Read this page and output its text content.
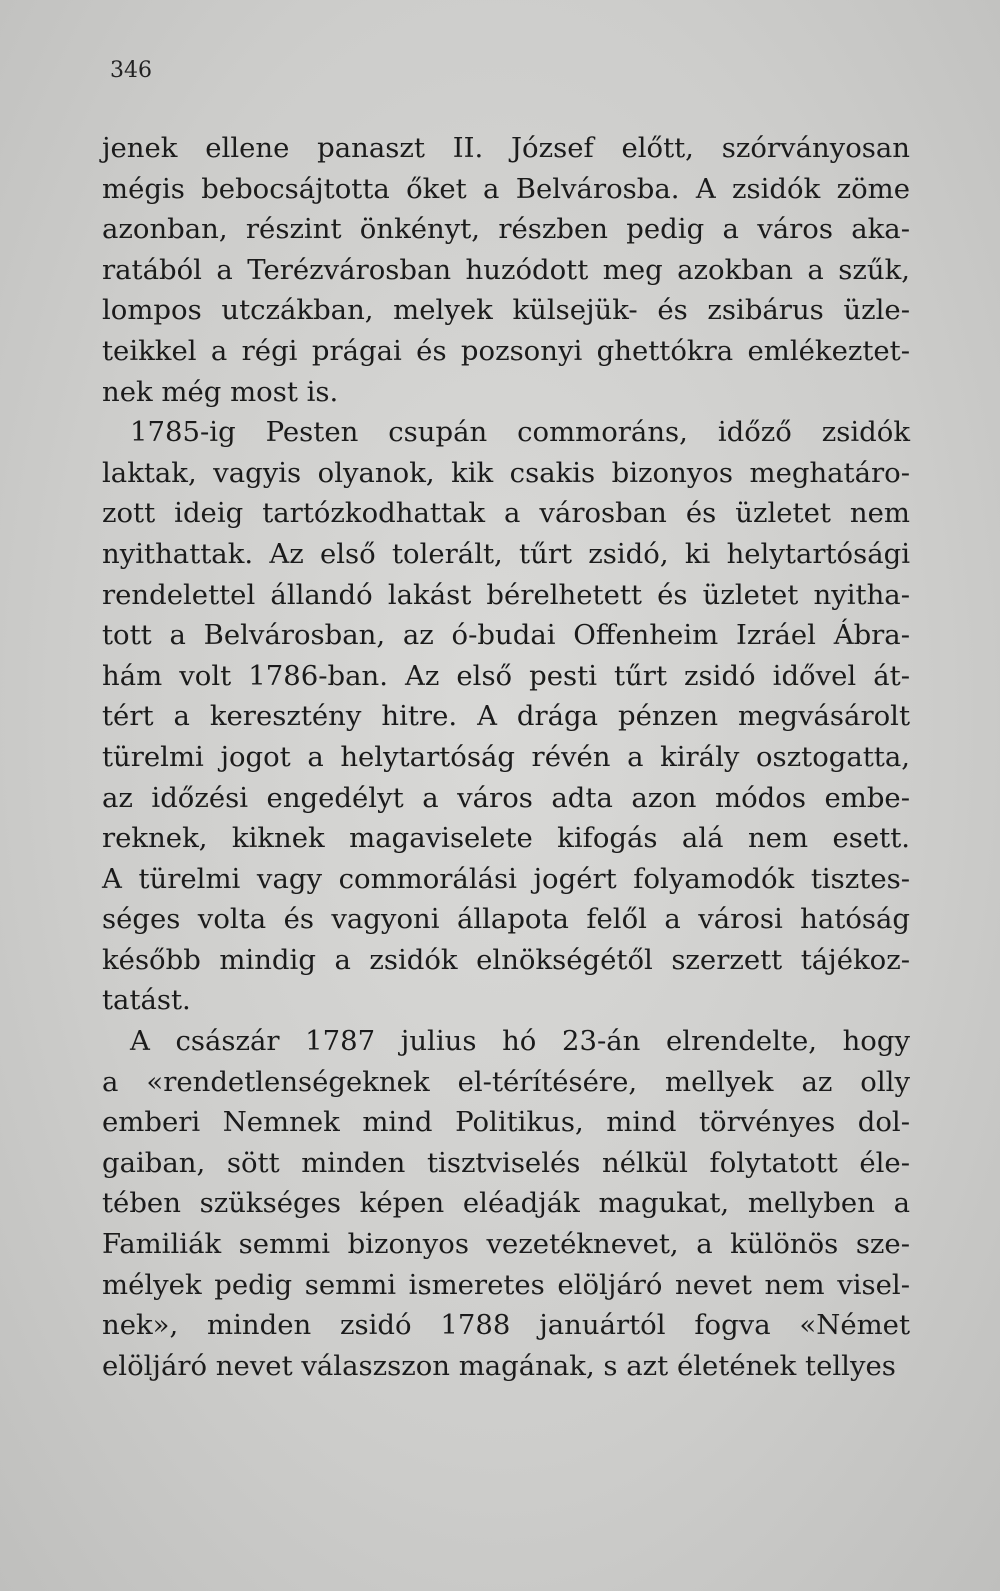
346
jenek ellene panaszt II. József előtt, szórványosan
mégis bebocsájtotta őket a Belvárosba. A zsidók zöme
azonban, részint önkényt, részben pedig a város aka-
ratából a Terézvárosban huzódott meg azokban a szűk,
lompos utczákban, melyek külsejük- és zsibárus üzle-
teikkel a régi prágai és pozsonyi ghettókra emlékeztet-
nek még most is.
1785-ig Pesten csupán commoráns, időző zsidók
laktak, vagyis olyanok, kik csakis bizonyos meghatáro-
zott ideig tartózkodhattak a városban és üzletet nem
nyithattak. Az első tolerált, tűrt zsidó, ki helytartósági
rendelettel állandó lakást bérelhetett és üzletet nyitha-
tott a Belvárosban, az ó-budai Offenheim Izráel Ábra-
hám volt 1786-ban. Az első pesti tűrt zsidó idővel át-
tért a keresztény hitre. A drága pénzen megvásárolt
türelmi jogot a helytartóság révén a király osztogatta,
az időzési engedélyt a város adta azon módos embe-
reknek, kiknek magaviselete kifogás alá nem esett.
A türelmi vagy commorálási jogért folyamodók tisztes-
séges volta és vagyoni állapota felől a városi hatóság
később mindig a zsidók elnökségétől szerzett tájékoz-
tatást.
A császár 1787 julius hó 23-án elrendelte, hogy
a «rendetlenségeknek el-térítésére, mellyek az olly
emberi Nemnek mind Politikus, mind törvényes dol-
gaiban, sött minden tisztviselés nélkül folytatott éle-
tében szükséges képen eléadják magukat, mellyben a
Familiák semmi bizonyos vezetéknevet, a különös sze-
mélyek pedig semmi ismeretes elöljáró nevet nem visel-
nek», minden zsidó 1788 januártól fogva «Német
elöljáró nevet válaszszon magának, s azt életének tellyes
